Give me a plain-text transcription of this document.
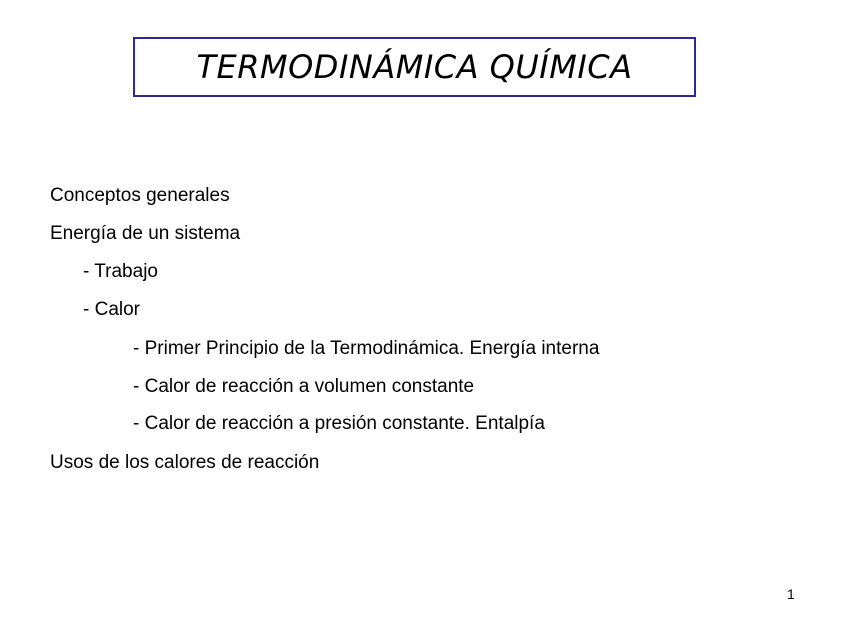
TERMODINÁMICA QUÍMICA
Conceptos generales
Energía de un sistema
- Trabajo
- Calor
- Primer Principio de la Termodinámica. Energía interna
- Calor de reacción a volumen constante
- Calor de reacción a presión constante. Entalpía
Usos de los calores de reacción
1
